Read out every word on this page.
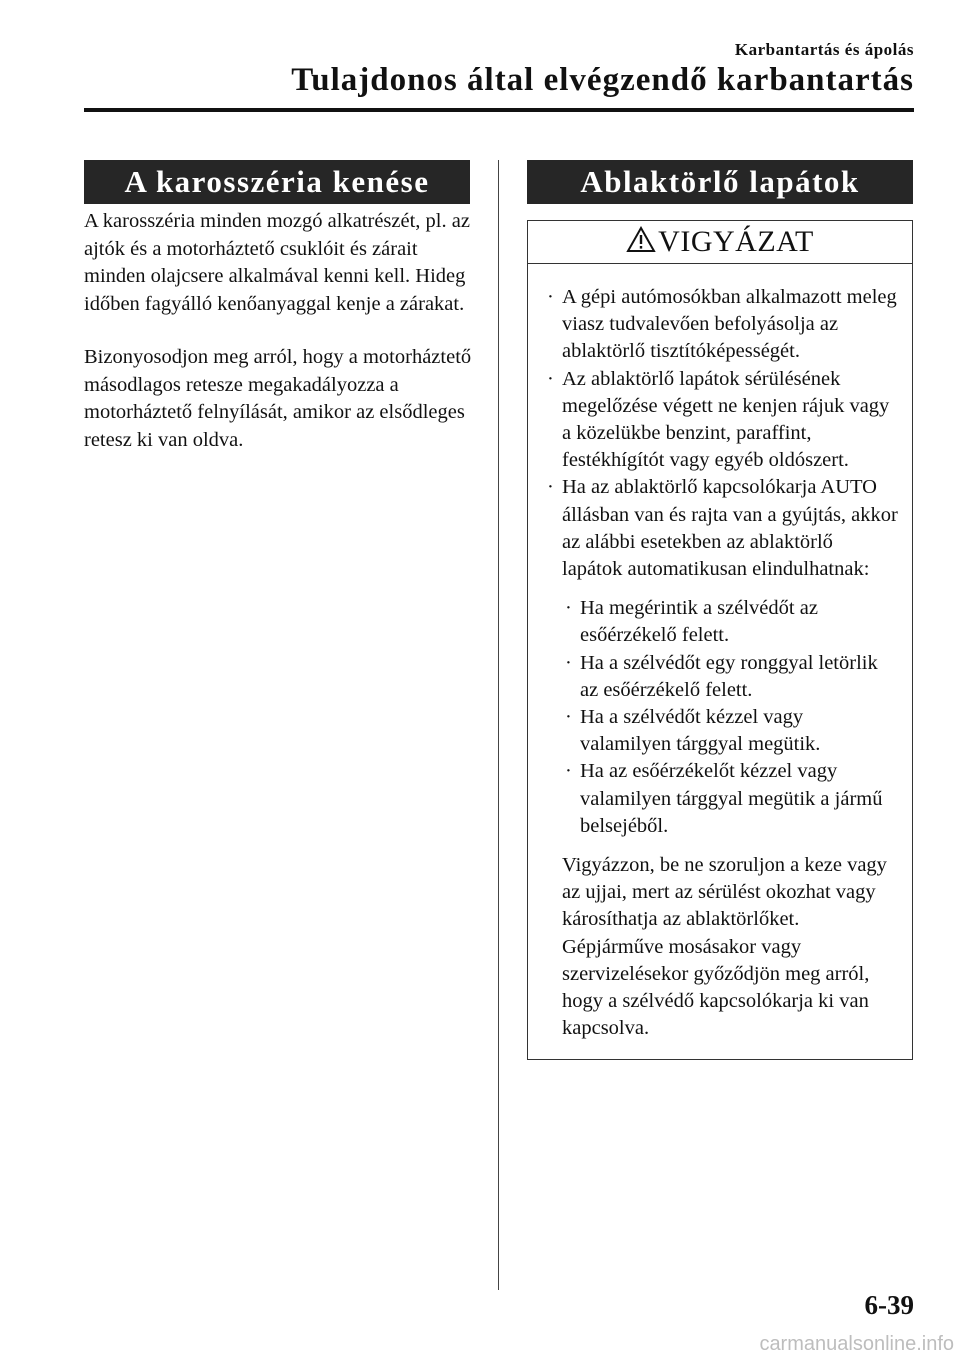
Karbantartás és ápolás
Tulajdonos által elvégzendő karbantartás
A karosszéria kenése

A karosszéria minden mozgó alkatrészét, pl. az ajtók és a motorháztető csuklóit és zárait minden olajcsere alkalmával kenni kell. Hideg időben fagyálló kenőanyaggal kenje a zárakat.

Bizonyosodjon meg arról, hogy a motorháztető másodlagos retesze megakadályozza a motorháztető felnyílását, amikor az elsődleges retesz ki van oldva.

Ablaktörlő lapátok
VIGYÁZAT
· A gépi autómosókban alkalmazott meleg viasz tudvalevően befolyásolja az ablaktörlő tisztítóképességét.
· Az ablaktörlő lapátok sérülésének megelőzése végett ne kenjen rájuk vagy a közelükbe benzint, paraffint, festékhígítót vagy egyéb oldószert.
· Ha az ablaktörlő kapcsolókarja AUTO állásban van és rajta van a gyújtás, akkor az alábbi esetekben az ablaktörlő lapátok automatikusan elindulhatnak:
· Ha megérintik a szélvédőt az esőérzékelő felett.
· Ha a szélvédőt egy ronggyal letörlik az esőérzékelő felett.
· Ha a szélvédőt kézzel vagy valamilyen tárggyal megütik.
· Ha az esőérzékelőt kézzel vagy valamilyen tárggyal megütik a jármű belsejéből.
Vigyázzon, be ne szoruljon a keze vagy az ujjai, mert az sérülést okozhat vagy károsíthatja az ablaktörlőket. Gépjárműve mosásakor vagy szervizelésekor győződjön meg arról, hogy a szélvédő kapcsolókarja ki van kapcsolva.
6-39
carmanualsonline.info
